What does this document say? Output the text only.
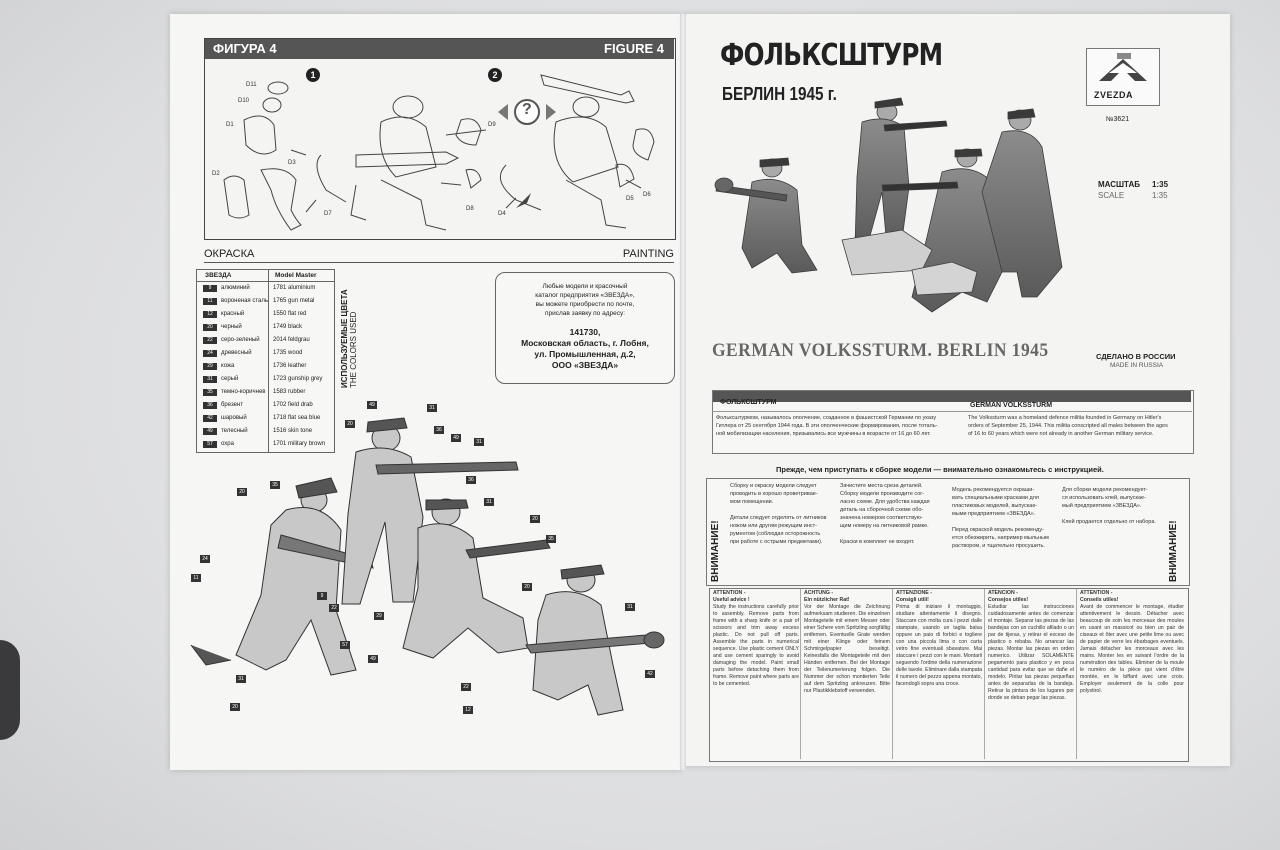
ФИГУРА 4	FIGURE 4
1	2
?
D11
D10
D1
D2
D3
D9
D7
D8
D4
D5
D6
ОКРАСКА	PAINTING
ЗВЕЗДА	Model Master
9	алюминий	1781 aluminium
11	вороненая сталь 1765 gun metal
12	красный	1550 flat red
20	черный	1749 black
22	серо-зеленый 2014 feldgrau
24	древесный	1735 wood
29	кожа	1736 leather
31	серый	1723 gunship grey
35	темно-коричнев 1583 rubber
36	брезент	1702 field drab
42	шаровый	1718 flat sea blue
49	телесный	1516 skin tone
57	охра	1701 military brown
ИСПОЛЬЗУЕМЫЕ ЦВЕТА THE COLORS USED
Любые модели и красочный
каталог предприятия «ЗВЕЗДА»,
вы можете приобрести по почте,
прислав заявку по адресу:
141730,
Московская область, г. Лобня,
ул. Промышленная, д.2,
ООО «ЗВЕЗДА»
49	31
20
36
49
31
20
35
36
31
24
11
20
35
29
9
22
20
31
42
57
49
22
31
20	12
ФОЛЬКСШТУРМ
БЕРЛИН 1945 г.	ZVEZDA
№3621
МАСШТАБ 1:35
SCALE	1:35
GERMAN VOLKSSTURM. BERLIN 1945	СДЕЛАНО В РОССИИ
MADE IN RUSSIA
ФОЛЬКСШТУРМ	GERMAN VOLKSSTURM
Фольксштурмом, называлось ополчение, созданное в фашистской Германии по указу
Гитлера от 25 сентября 1944 года. В эти ополченческие формирования, после тоталь-
ной мобилизации населения, призывались все мужчины в возрасте от 16 до 60 лет.
The Volkssturm was a homeland defence militia founded in Germany on Hitler's
orders of September 25, 1944. This militia conscripted all males between the ages
of 16 to 60 years which were not already in another German military service.
Прежде, чем приступать к сборке модели — внимательно ознакомьтесь с инструкцией.
ВНИМАНИЕ!	ВНИМАНИЕ!
Сборку и окраску модели следует
проводить в хорошо проветривае-
мом помещении.

Детали следует отделять от литников
ножом или другим режущим инст-
рументом (соблюдая осторожность
при работе с острыми предметами).
Зачистите места среза деталей.
Сборку модели производите сог-
ласно схеме. Для удобства каждая
деталь на сборочной схеме обо-
значена номером соответствую-
щим номеру на литниковой рамке.

Краски в комплект не входят.
Модель рекомендуется окраши-
вать специальными красками для
пластиковых моделей, выпускае-
мыми предприятием «ЗВЕЗДА».

Перед окраской модель рекоменду-
ется обезжирить, например мыльным
раствором, и тщательно просушить.
Для сборки модели рекомендует-
ся использовать клей, выпускае-
мый предприятием «ЗВЕЗДА».

Клей продается отдельно от набора.
ATTENTION -
Useful advice !
Study the instructions carefully prior to assembly. Remove parts from frame with a sharp knife or a pair of scissors and trim away excess plastic. Do not pull off parts. Assemble the parts in numerical sequence. Use plastic cement ONLY and use cement sparingly to avoid damaging the model. Paint small parts before detaching them from frame. Remove paint where parts are to be cemented.
ACHTUNG -
Ein nützlicher Rat!
Vor der Montage die Zeichnung aufmerksam studieren. Die einzelnen Montageteile mit einem Messer oder einer Schere vom Spritzling sorgfältig entfernen. Eventuelle Grate werden mit einer Klinge oder feinem Schmirgelpapier beseitigt. Keinesfalls die Montageteile mit den Händen entfernen. Bei der Montage der Teilenumerierung folgen. Die Nummer der schon montierten Teile auf dem Spritzling ankreuzen. Bitte nur Plastikklebstoff verwenden.
ATTENZIONE -
Consigli utili!
Prima di iniziare il montaggio, studiare attentamente il disegno. Staccare con molta cura i pezzi dalle stampate, usando un taglia balsa oppure un paio di forbici e togliere con una piccola lima o con carta vetro fine eventuali sbavature. Mai staccare i pezzi con le mani. Montarli seguendo l'ordine della numerazione delle tavole. Eliminare dalla stampata il numero del pezzo appena montato, facendogli sopra una croce.
ATENCION -
Consejos utiles!
Estudiar las instrucciones cuidadosamente antes de comenzar el montaje. Separar las piezas de las bandejas con un cuchillo afilado o un par de tijeras, y retirar el exceso de plastico o rebaba. No arrancar las piezas. Montar las piezas en orden numerico. Utilizar SOLAMENTE pegamento para plastico y en poca cantidad para evitar que se dañe el modelo. Pintar las piezas pequeñas antes de separarlas de la bandeja. Retirar la pintura de los lugares por donde se deban pegar las piezas.
ATTENTION -
Conseils utiles!
Avant de commencer le montage, étudier attentivement le dessin. Détacher avec beaucoup de soin les morceaux des moules en usant un massicot ou bien un pair de ciseaux et ôter avec une petite lime ou avec de papier de verre les ébarbages eventuels. Jamais détacher les morceaux avec les mains. Monter les en suivant l'ordre de la numération des tables. Eliminer de la moule le numéro de la pièce qui vient d'être montée, en le biffant avec une croix. Employer seulement de la colle pour polystirol.
